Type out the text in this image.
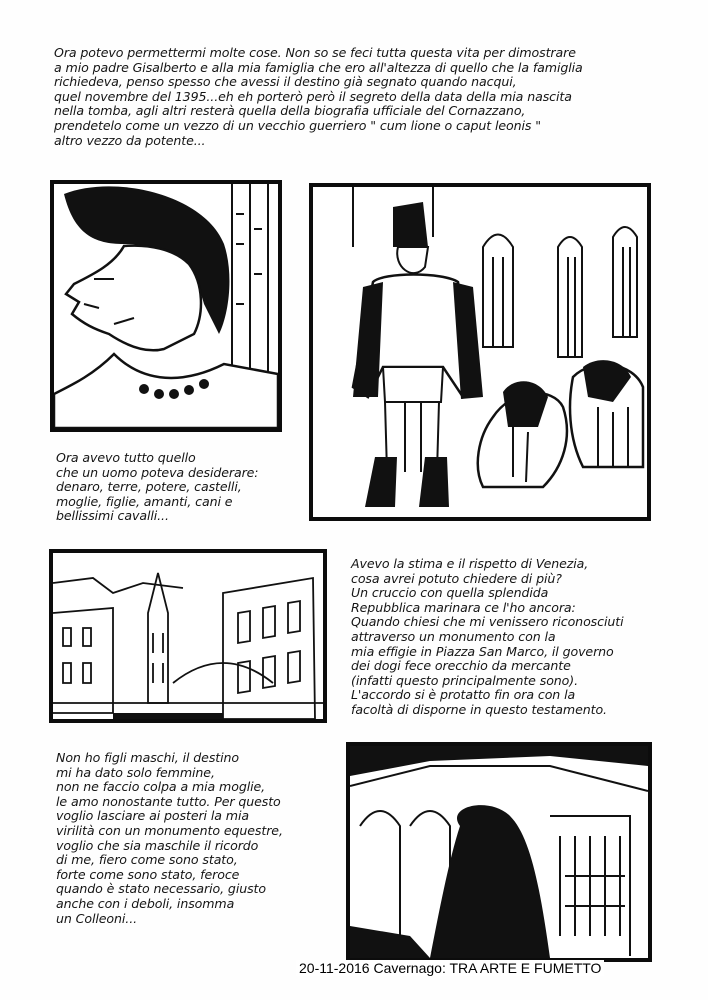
Ora potevo permettermi molte cose. Non so se feci tutta questa vita per dimostrare
a mio padre Gisalberto e alla mia famiglia che ero all'altezza di quello che la famiglia
richiedeva, penso spesso che avessi il destino già segnato quando nacqui,
quel novembre del 1395...eh eh porterò però il segreto della data della mia nascita
nella tomba, agli altri resterà quella della biografia ufficiale del Cornazzano,
prendetelo come un vezzo di un vecchio guerriero " cum lione o caput leonis "
altro vezzo da potente...

Ora avevo tutto quello
che un uomo poteva desiderare:
denaro, terre, potere, castelli,
moglie, figlie, amanti, cani e
bellissimi cavalli...

Avevo la stima e il rispetto di Venezia,
cosa avrei potuto chiedere di più?
Un cruccio con quella splendida
Repubblica marinara ce l'ho ancora:
Quando chiesi che mi venissero riconosciuti
attraverso un monumento con la
mia effigie in Piazza San Marco, il governo
dei dogi fece orecchio da mercante
(infatti questo principalmente sono).
L'accordo si è protatto fin ora con la
facoltà di disporne in questo testamento.

Non ho figli maschi, il destino
mi ha dato solo femmine,
non ne faccio colpa a mia moglie,
le amo nonostante tutto. Per questo
voglio lasciare ai posteri la mia
virilità con un monumento equestre,
voglio che sia maschile il ricordo
di me, fiero come sono stato,
forte come sono stato, feroce
quando è stato necessario, giusto
anche con i deboli, insomma
un Colleoni...

20-11-2016 Cavernago: TRA ARTE E FUMETTO
